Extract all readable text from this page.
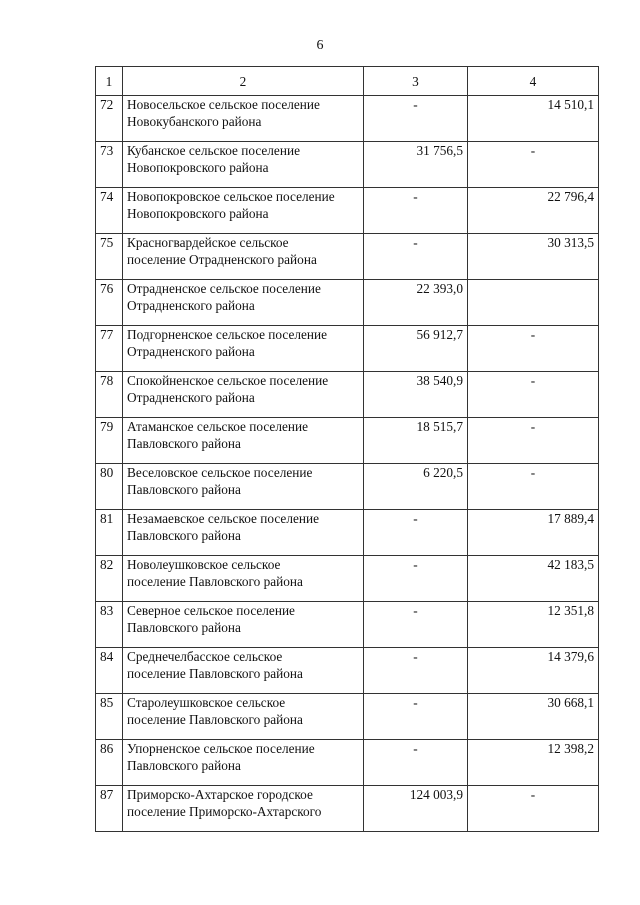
6
1	2	3	4
72	Новосельское сельское поселение
Новокубанского района	-	14 510,1
73	Кубанское сельское поселение
Новопокровского района	31 756,5	-
74	Новопокровское сельское поселение
Новопокровского района	-	22 796,4
75	Красногвардейское сельское
поселение Отрадненского района	-	30 313,5
76	Отрадненское сельское поселение
Отрадненского района	22 393,0	
77	Подгорненское сельское поселение
Отрадненского района	56 912,7	-
78	Спокойненское сельское поселение
Отрадненского района	38 540,9	-
79	Атаманское сельское поселение
Павловского района	18 515,7	-
80	Веселовское сельское поселение
Павловского района	6 220,5	-
81	Незамаевское сельское поселение
Павловского района	-	17 889,4
82	Новолеушковское сельское
поселение Павловского района	-	42 183,5
83	Северное сельское поселение
Павловского района	-	12 351,8
84	Среднечелбасское сельское
поселение Павловского района	-	14 379,6
85	Старолеушковское сельское
поселение Павловского района	-	30 668,1
86	Упорненское сельское поселение
Павловского района	-	12 398,2
87	Приморско-Ахтарское городское
поселение Приморско-Ахтарского	124 003,9	-
